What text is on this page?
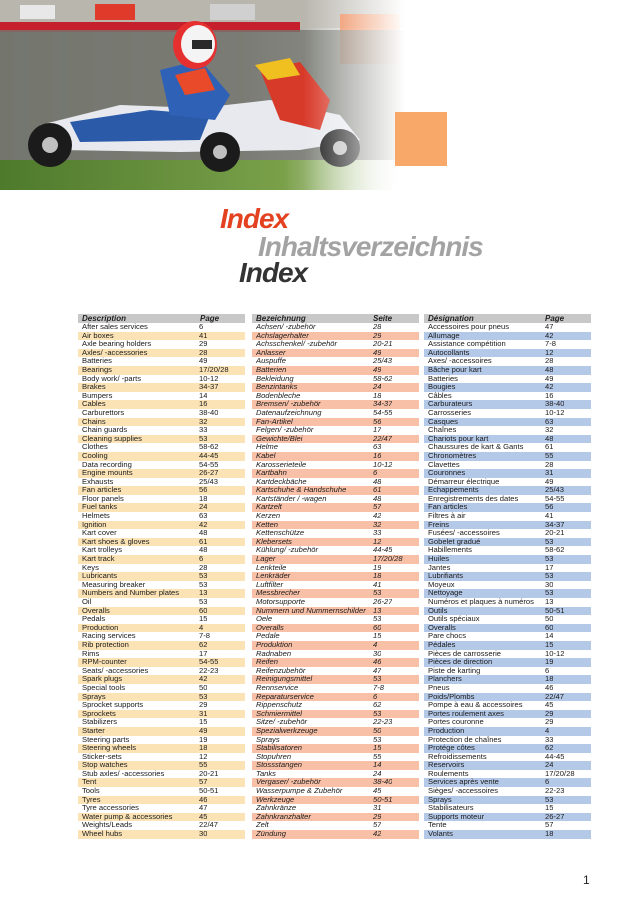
Index
Inhaltsverzeichnis
Index
Description	Page
After sales services	6
Air boxes	41
Axle bearing holders	29
Axles/ -accessories	28
Batteries	49
Bearings	17/20/28
Body work/ -parts	10-12
Brakes	34-37
Bumpers	14
Cables	16
Carburettors	38-40
Chains	32
Chain guards	33
Cleaning supplies	53
Clothes	58-62
Cooling	44-45
Data recording	54-55
Engine mounts	26-27
Exhausts	25/43
Fan articles	56
Floor panels	18
Fuel tanks	24
Helmets	63
Ignition	42
Kart cover	48
Kart shoes & gloves	61
Kart trolleys	48
Kart track	6
Keys	28
Lubricants	53
Measuring breaker	53
Numbers and Number plates	13
Oil	53
Overalls	60
Pedals	15
Production	4
Racing services	7-8
Rib protection	62
Rims	17
RPM-counter	54-55
Seats/ -accessories	22-23
Spark plugs	42
Special tools	50
Sprays	53
Sprocket supports	29
Sprockets	31
Stabilizers	15
Starter	49
Steering parts	19
Steering wheels	18
Sticker-sets	12
Stop watches	55
Stub axles/ -accessories	20-21
Tent	57
Tools	50-51
Tyres	46
Tyre accessories	47
Water pump & accessories	45
Weights/Leads	22/47
Wheel hubs	30
Bezeichnung	Seite
Achsen/ -zubehör	28
Achslagerhalter	29
Achsschenkel/ -zubehör	20-21
Anlasser	49
Auspuffe	25/43
Batterien	49
Bekleidung	58-62
Benzintanks	24
Bodenbleche	18
Bremsen/ -zubehör	34-37
Datenaufzeichnung	54-55
Fan-Artikel	56
Felgen/ -zubehör	17
Gewichte/Blei	22/47
Helme	63
Kabel	16
Karosserieteile	10-12
Kartbahn	6
Kartdeckbäche	48
Kartschuhe & Handschuhe	61
Kartständer / -wagen	48
Kartzelt	57
Kerzen	42
Ketten	32
Kettenschütze	33
Klebersets	12
Kühlung/ -zubehör	44-45
Lager	17/20/28
Lenkteile	19
Lenkräder	18
Luftfilter	41
Messbrecher	53
Motorsupporte	26-27
Nummern und Nummernschilder 13
Oele	53
Overalls	60
Pedale	15
Produktion	4
Radnaben	30
Reifen	46
Reifenzubehör	47
Reinigungsmittel	53
Rennservice	7-8
Reparaturservice	6
Rippenschutz	62
Schmiermittel	53
Sitze/ -zubehör	22-23
Spezialwerkzeuge	50
Sprays	53
Stabilisatoren	15
Stopuhren	55
Stossstangen	14
Tanks	24
Vergaser/ -zubehör	38-40
Wasserpumpe & Zubehör	45
Werkzeuge	50-51
Zahnkränze	31
Zahnkranzhalter	29
Zelt	57
Zündung	42
Désignation	Page
Accessoires pour pneus	47
Allumage	42
Assistance compétition	7-8
Autocollants	12
Axes/ -accessoires	28
Bâche pour kart	48
Batteries	49
Bougies	42
Câbles	16
Carburateurs	38-40
Carrosseries	10-12
Casques	63
Chaînes	32
Chariots pour kart	48
Chaussures de kart & Gants	61
Chronomètres	55
Clavettes	28
Couronnes	31
Démarreur électrique	49
Echappements	25/43
Enregistrements des dates	54-55
Fan articles	56
Filtres à air	41
Freins	34-37
Fusées/ -accessoires	20-21
Gobelet gradué	53
Habillements	58-62
Huiles	53
Jantes	17
Lubrifiants	53
Moyeux	30
Nettoyage	53
Numéros et plaques à numéros	13
Outils	50-51
Outils spéciaux	50
Overalls	60
Pare chocs	14
Pédales	15
Pièces de carrosserie	10-12
Pièces de direction	19
Piste de karting	6
Planchers	18
Pneus	46
Poids/Plombs	22/47
Pompe à eau & accessoires	45
Portes roulement axes	29
Portes couronne	29
Production	4
Protection de chaînes	33
Protége côtes	62
Refroidissements	44-45
Reservoirs	24
Roulements	17/20/28
Services après vente	6
Sièges/ -accessoires	22-23
Sprays	53
Stabilisateurs	15
Supports moteur	26-27
Tente	57
Volants	18
1
